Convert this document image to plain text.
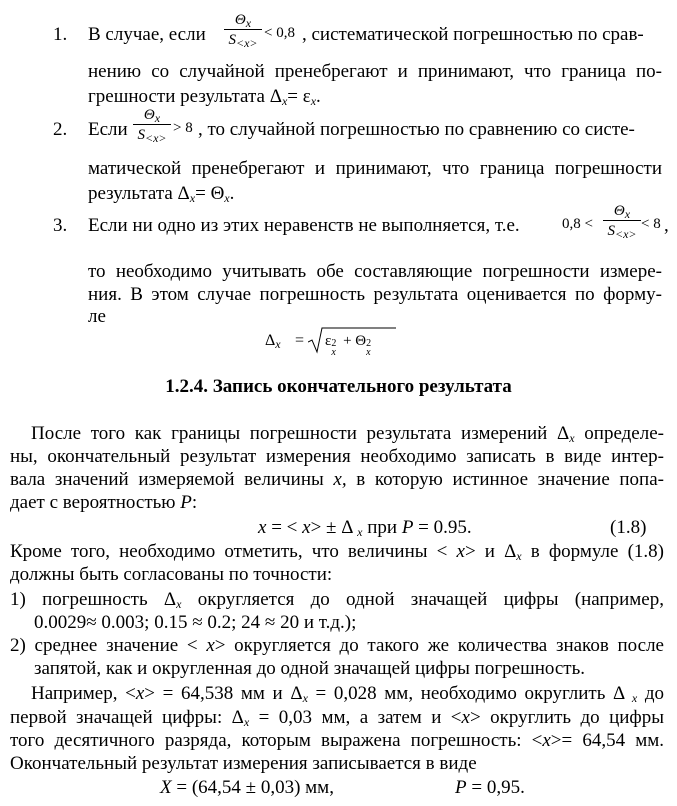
1. В случае, если
$\Theta_x$
$S_{<x>}$
< 0,8 , систематической погрешностью по срав-
нению со случайной пренебрегают и принимают, что граница по-
грешности результата $\Delta_x= \varepsilon_x$.
2. Если
$\Theta_x$
$S_{<x>}$
> 8 , то случайной погрешностью по сравнению со систе-
матической пренебрегают и принимают, что граница погрешности
результата $\Delta_x= \Theta_x$.
3. Если ни одно из этих неравенств не выполняется, т.е.	0,8 <
$\Theta_x$
$S_{<x>}$
< 8 ,
то необходимо учитывать обе составляющие погрешности измере-
ния. В этом случае погрешность результата оценивается по форму-
ле
$\Delta_x = \varepsilon$ 2
x
+ Θ 2
x
1.2.4. Запись окончательного результата
После того как границы погрешности результата измерений $\Delta_x$ определе-
ны, окончательный результат измерения необходимо записать в виде интер-
вала значений измеряемой величины x, в которую истинное значение попа-
дает с вероятностью P:
x = < x> ± Δ $_x$ при P = 0.95.	(1.8)
Кроме того, необходимо отметить, что величины < x> и $\Delta_x$ в формуле (1.8)
должны быть согласованы по точности:
1) погрешность $\Delta_x$ округляется до одной значащей цифры (например,
0.0029≈ 0.003; 0.15 ≈ 0.2; 24 ≈ 20 и т.д.);
2) среднее значение < x> округляется до такого же количества знаков после
запятой, как и округленная до одной значащей цифры погрешность.
Например, <x> = 64,538 мм и $\Delta_x = 0,028$ мм, необходимо округлить Δ $_x$ до
первой значащей цифры: $\Delta_x = 0,03$ мм, а затем и <x> округлить до цифры
того десятичного разряда, которым выражена погрешность: <x>= 64,54 мм.
Окончательный результат измерения записывается в виде
X = (64,54 ± 0,03) мм,	P = 0,95.
